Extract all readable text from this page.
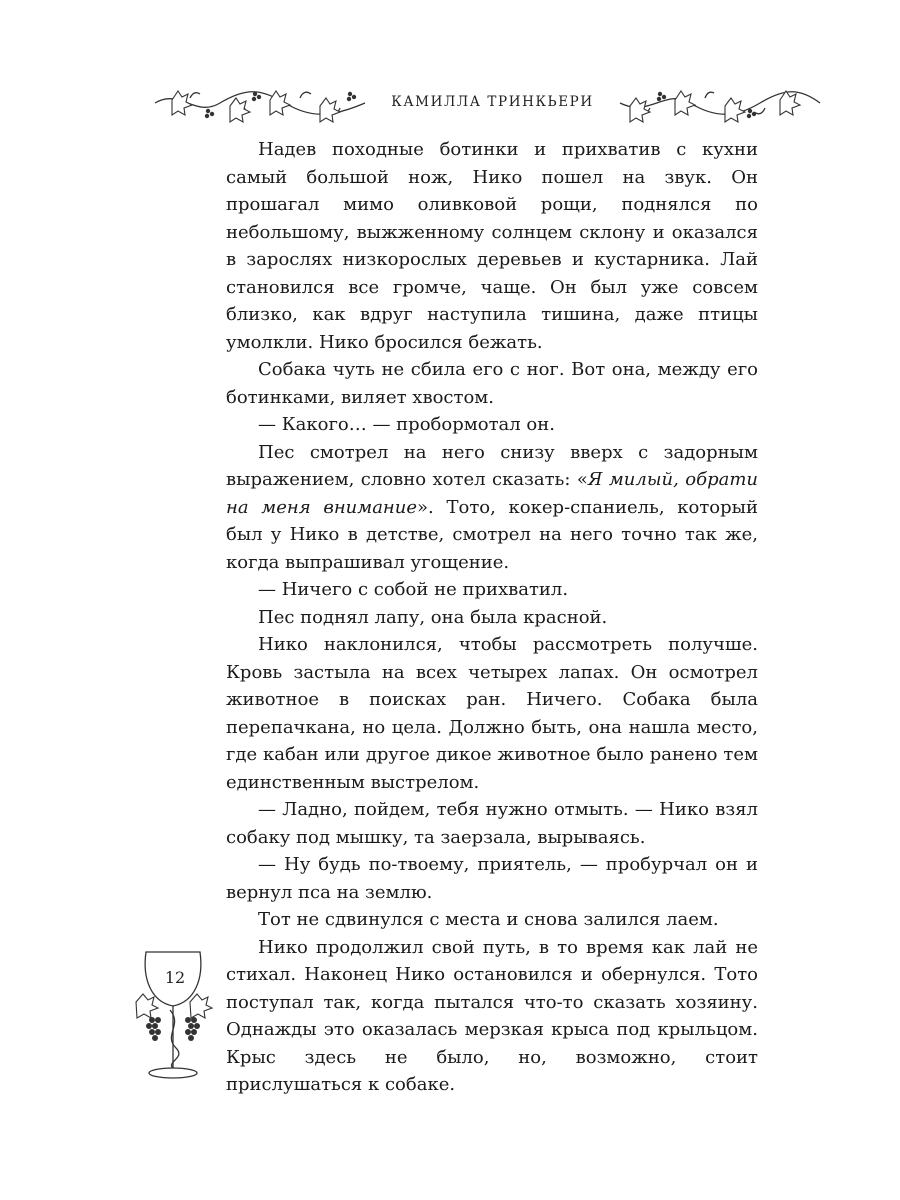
КАМИЛЛА ТРИНКЬЕРИ

Надев походные ботинки и прихватив с кухни самый большой нож, Нико пошел на звук. Он прошагал мимо оливковой рощи, поднялся по небольшому, выжженному солнцем склону и оказался в зарослях низкорослых деревьев и кустарника. Лай становился все громче, чаще. Он был уже совсем близко, как вдруг наступила тишина, даже птицы умолкли. Нико бросился бежать.

Собака чуть не сбила его с ног. Вот она, между его ботинками, виляет хвостом.

— Какого… — пробормотал он.

Пес смотрел на него снизу вверх с задорным выражением, словно хотел сказать: «Я милый, обрати на меня внимание». Тото, кокер-спаниель, который был у Нико в детстве, смотрел на него точно так же, когда выпрашивал угощение.

— Ничего с собой не прихватил.

Пес поднял лапу, она была красной.

Нико наклонился, чтобы рассмотреть получше. Кровь застыла на всех четырех лапах. Он осмотрел животное в поисках ран. Ничего. Собака была перепачкана, но цела. Должно быть, она нашла место, где кабан или другое дикое животное было ранено тем единственным выстрелом.

— Ладно, пойдем, тебя нужно отмыть. — Нико взял собаку под мышку, та заерзала, вырываясь.

— Ну будь по-твоему, приятель, — пробурчал он и вернул пса на землю.

Тот не сдвинулся с места и снова залился лаем.

Нико продолжил свой путь, в то время как лай не стихал. Наконец Нико остановился и обернулся. Тото поступал так, когда пытался что-то сказать хозяину. Однажды это оказалась мерзкая крыса под крыльцом. Крыс здесь не было, но, возможно, стоит прислушаться к собаке.

12
